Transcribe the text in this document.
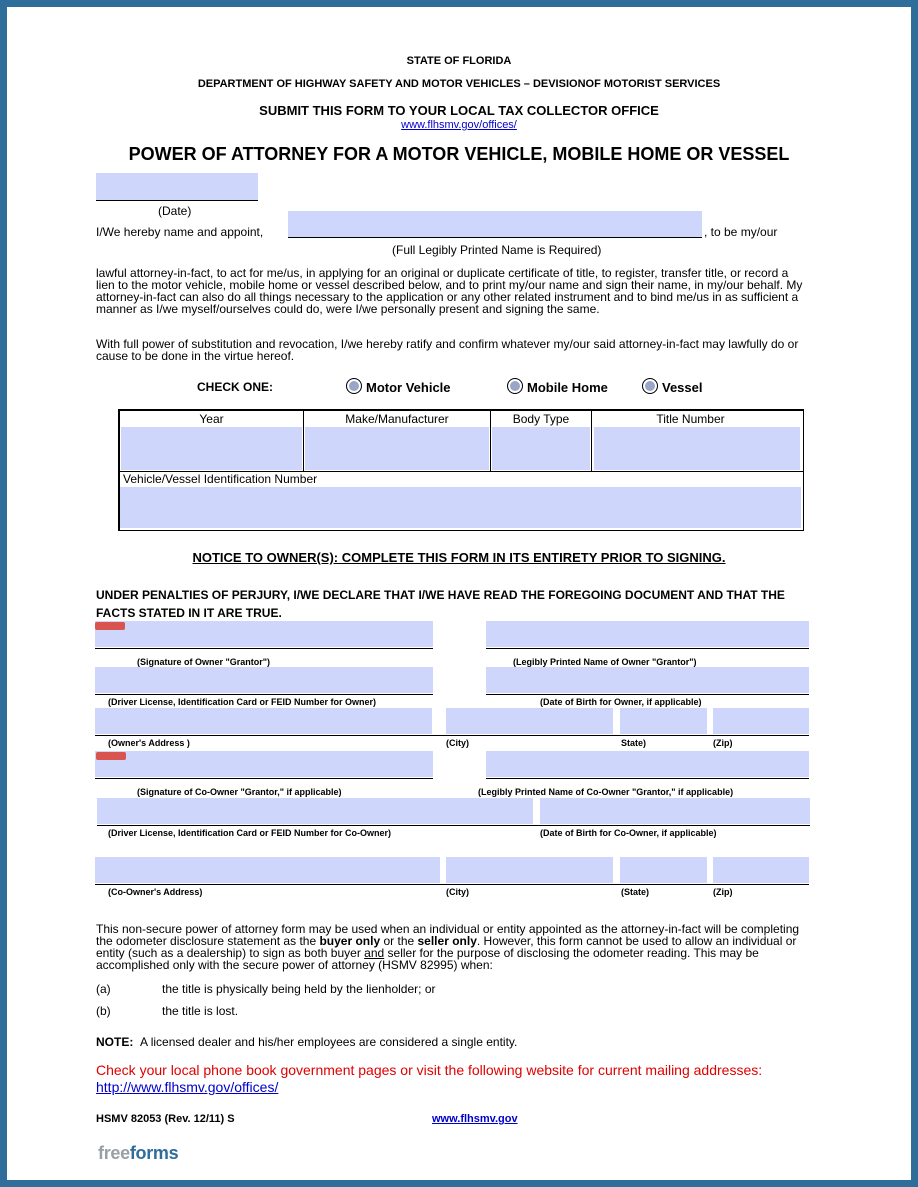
STATE OF FLORIDA
DEPARTMENT OF HIGHWAY SAFETY AND MOTOR VEHICLES – DEVISIONOF MOTORIST SERVICES
SUBMIT THIS FORM TO YOUR LOCAL TAX COLLECTOR OFFICE
www.flhsmv.gov/offices/
POWER OF ATTORNEY FOR A MOTOR VEHICLE, MOBILE HOME OR VESSEL
(Date)
I/We hereby name and appoint,	, to be my/our
(Full Legibly Printed Name is Required)
lawful attorney-in-fact, to act for me/us, in applying for an original or duplicate certificate of title, to register, transfer title, or record a lien to the motor vehicle, mobile home or vessel described below, and to print my/our name and sign their name, in my/our behalf. My attorney-in-fact can also do all things necessary to the application or any other related instrument and to bind me/us in as sufficient a manner as I/we myself/ourselves could do, were I/we personally present and signing the same.
With full power of substitution and revocation, I/we hereby ratify and confirm whatever my/our said attorney-in-fact may lawfully do or cause to be done in the virtue hereof.
CHECK ONE:	Motor Vehicle	Mobile Home	Vessel
Year	Make/Manufacturer	Body Type	Title Number
Vehicle/Vessel Identification Number
NOTICE TO OWNER(S): COMPLETE THIS FORM IN ITS ENTIRETY PRIOR TO SIGNING.
UNDER PENALTIES OF PERJURY, I/WE DECLARE THAT I/WE HAVE READ THE FOREGOING DOCUMENT AND THAT THE FACTS STATED IN IT ARE TRUE.
(Signature of Owner "Grantor")	(Legibly Printed Name of Owner "Grantor")
(Driver License, Identification Card or FEID Number for Owner)	(Date of Birth for Owner, if applicable)
(Owner's Address )	(City)	State)	(Zip)
(Signature of Co-Owner "Grantor," if applicable)	(Legibly Printed Name of Co-Owner "Grantor," if applicable)
(Driver License, Identification Card or FEID Number for Co-Owner)	(Date of Birth for Co-Owner, if applicable)
(Co-Owner's Address)	(City)	(State)	(Zip)
This non-secure power of attorney form may be used when an individual or entity appointed as the attorney-in-fact will be completing the odometer disclosure statement as the buyer only or the seller only. However, this form cannot be used to allow an individual or entity (such as a dealership) to sign as both buyer and seller for the purpose of disclosing the odometer reading. This may be accomplished only with the secure power of attorney (HSMV 82995) when:
(a)	the title is physically being held by the lienholder; or
(b)	the title is lost.
NOTE: A licensed dealer and his/her employees are considered a single entity.
Check your local phone book government pages or visit the following website for current mailing addresses:
http://www.flhsmv.gov/offices/
HSMV 82053 (Rev. 12/11) S	www.flhsmv.gov
freeforms
